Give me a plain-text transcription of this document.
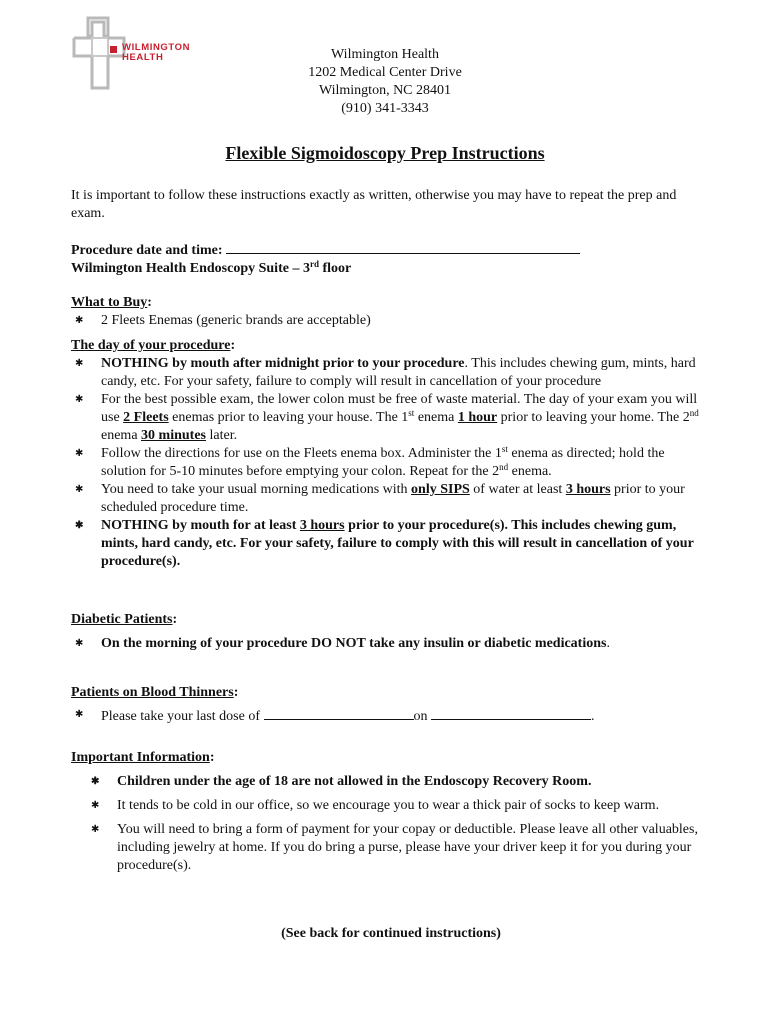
WILMINGTON
HEALTH	Wilmington Health
1202 Medical Center Drive
Wilmington, NC 28401
(910) 341-3343
Flexible Sigmoidoscopy Prep Instructions
It is important to follow these instructions exactly as written, otherwise you may have to repeat the prep and exam.
Procedure date and time:
Wilmington Health Endoscopy Suite – 3rd floor
What to Buy:
✱ 2 Fleets Enemas (generic brands are acceptable)
The day of your procedure:
✱ NOTHING by mouth after midnight prior to your procedure. This includes chewing gum, mints, hard candy, etc. For your safety, failure to comply will result in cancellation of your procedure
✱ For the best possible exam, the lower colon must be free of waste material. The day of your exam you will use 2 Fleets enemas prior to leaving your house. The 1st enema 1 hour prior to leaving your home. The 2nd enema 30 minutes later.
✱ Follow the directions for use on the Fleets enema box. Administer the 1st enema as directed; hold the solution for 5-10 minutes before emptying your colon. Repeat for the 2nd enema.
✱ You need to take your usual morning medications with only SIPS of water at least 3 hours prior to your scheduled procedure time.
✱ NOTHING by mouth for at least 3 hours prior to your procedure(s). This includes chewing gum, mints, hard candy, etc. For your safety, failure to comply with this will result in cancellation of your procedure(s).
Diabetic Patients:
✱ On the morning of your procedure DO NOT take any insulin or diabetic medications.
Patients on Blood Thinners:
✱ Please take your last dose of	on	.
Important Information:
✱ Children under the age of 18 are not allowed in the Endoscopy Recovery Room.
✱ It tends to be cold in our office, so we encourage you to wear a thick pair of socks to keep warm.
✱ You will need to bring a form of payment for your copay or deductible. Please leave all other valuables, including jewelry at home. If you do bring a purse, please have your driver keep it for you during your procedure(s).
(See back for continued instructions)
